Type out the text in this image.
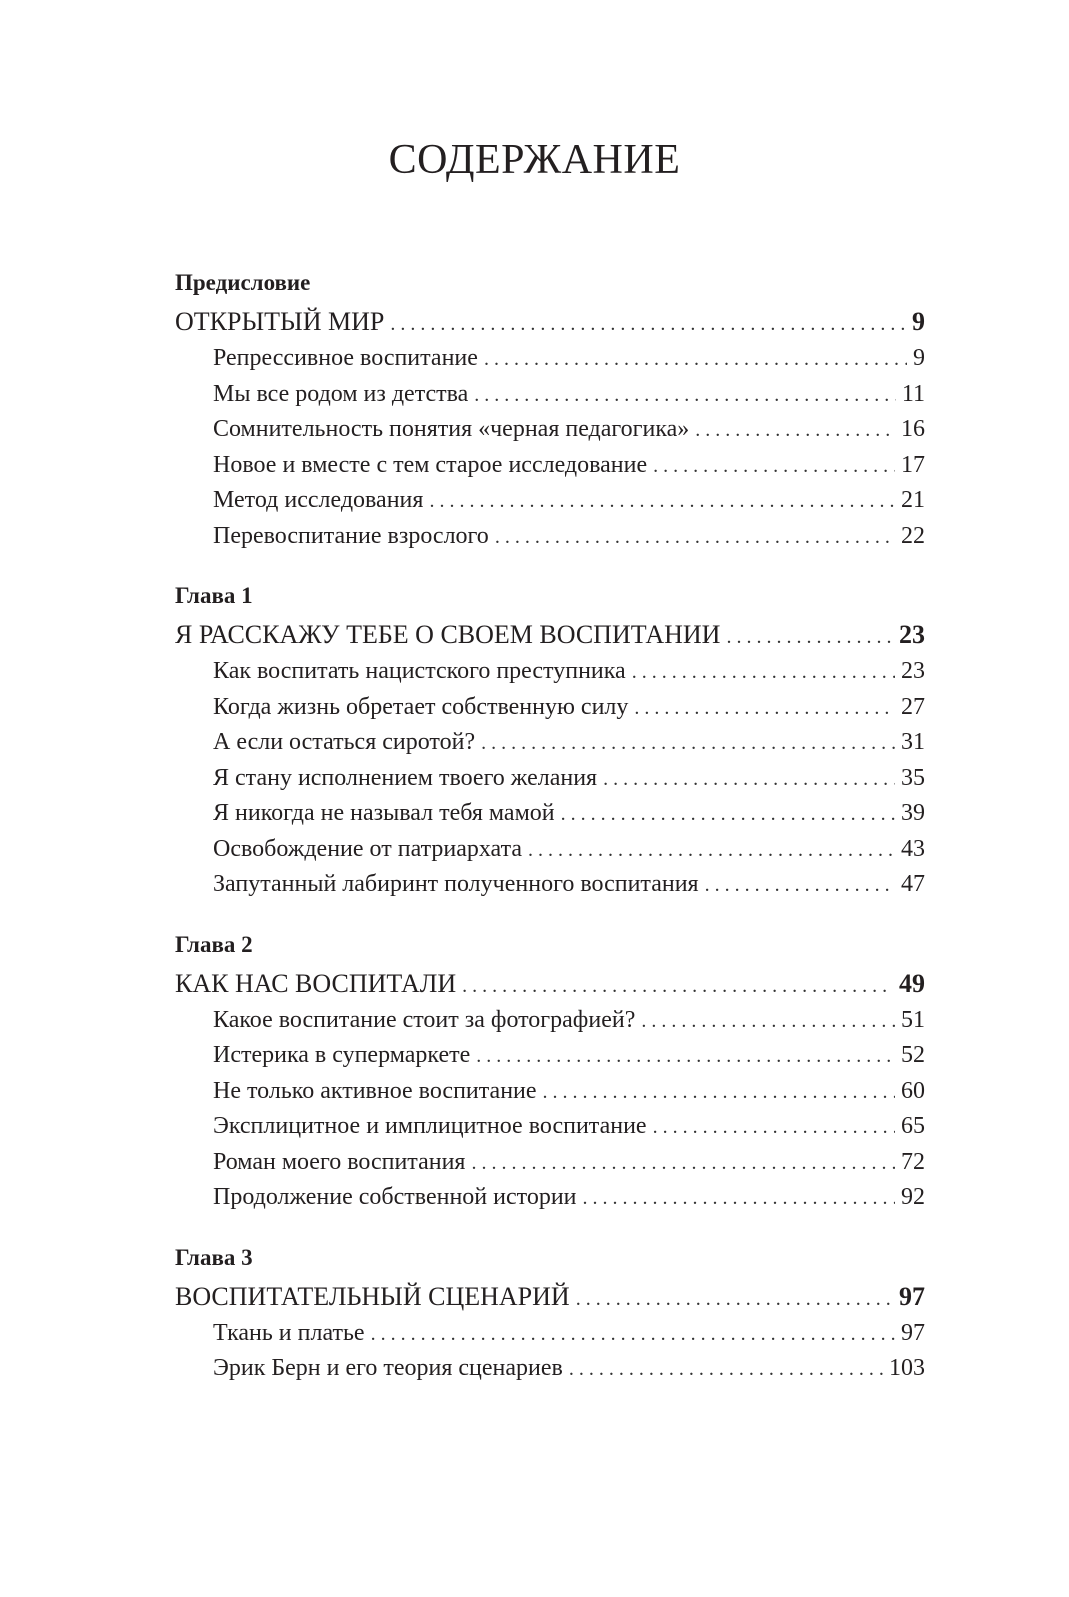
СОДЕРЖАНИЕ
Предисловие
ОТКРЫТЫЙ МИР . . .	9
Репрессивное воспитание . . .	9
Мы все родом из детства . . .	11
Сомнительность понятия «черная педагогика» . . .	16
Новое и вместе с тем старое исследование . . .	17
Метод исследования . . .	21
Перевоспитание взрослого . . .	22
Глава 1
Я РАССКАЖУ ТЕБЕ О СВОЕМ ВОСПИТАНИИ . . .	23
Как воспитать нацистского преступника . . .	23
Когда жизнь обретает собственную силу . . .	27
А если остаться сиротой? . . .	31
Я стану исполнением твоего желания . . .	35
Я никогда не называл тебя мамой . . .	39
Освобождение от патриархата . . .	43
Запутанный лабиринт полученного воспитания . . .	47
Глава 2
КАК НАС ВОСПИТАЛИ . . .	49
Какое воспитание стоит за фотографией? . . .	51
Истерика в супермаркете . . .	52
Не только активное воспитание . . .	60
Эксплицитное и имплицитное воспитание . . .	65
Роман моего воспитания . . .	72
Продолжение собственной истории . . .	92
Глава 3
ВОСПИТАТЕЛЬНЫЙ СЦЕНАРИЙ . . .	97
Ткань и платье . . .	97
Эрик Берн и его теория сценариев . . .	103
